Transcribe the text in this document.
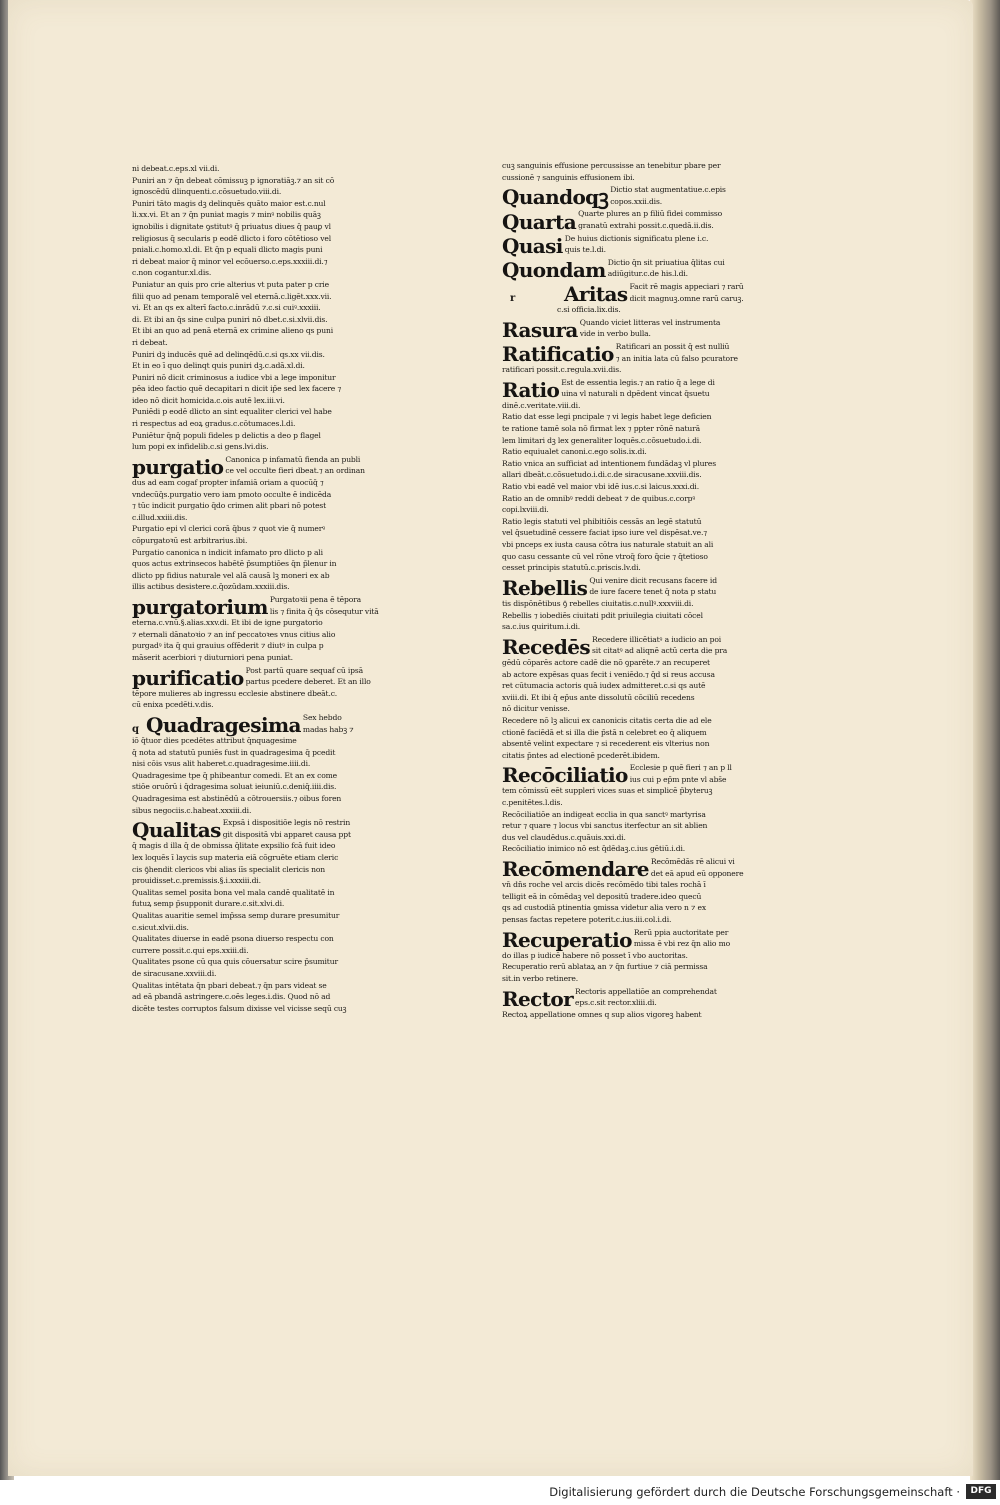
ni debeat.c.eps.xl vii.di.
Puniri an ⁊ q̄n debeat cōmissuꝫ p ignoratiāꝫ.⁊ an sit cō
ignoscēdū dlinquenti.c.cōsuetudo.viii.di.
Puniri tāto magis dꝫ delinquēs quāto maior est.c.nul
li.xx.vi. Et an ⁊ q̄n puniat magis ⁊ minꝰ nobilis quāꝫ
ignobilis i dignitate ꝯstitutꝰ q̄ priuatus diues q̄ pauꝑ vl
religiosus q̄ secularis p eodē dlicto i foro cōtētioso vel
pniali.c.homo.xl.di. Et q̄n p equali dlicto magis puni
ri debeat maior q̄ minor vel ecōuerso.c.eps.xxxiii.di.⁊
c.non cogantur.xl.dis.
Puniatur an quis pro crie alterius vt puta pater p crie
filii quo ad penam temporalē vel eternā.c.ligēt.xxx.vii.
vi. Et an qs ex alterī facto.c.inrādū ⁊.c.si cuiꝰ.xxxiii.
di. Et ibi an q̄s sine culpa puniri nō dbet.c.si.xlvii.dis.
Et ibi an quo ad penā eternā ex crimine alieno qs puni
ri debeat.
Puniri dꝫ inducēs quē ad delinqēdū.c.si qs.xx vii.dis.
Et in eo ī quo delinqt quis puniri dꝫ.c.adā.xl.di.
Puniri nō dicit criminosus a iudice vbi a lege imponitur
pēa ideo factio quē decapitari n dicit ip̄e sed lex facere ⁊
ideo nō dicit homicida.c.ois autē lex.iii.vi.
Puniēdi p eodē dlicto an sint equaliter clerici vel habe
ri respectus ad eoꝝ gradus.c.cōtumaces.l.di.
Puniētur q̄nq̄ populi fideles p delictis a deo p flagel
lum popi ex infidelib.c.si gens.lvi.dis.
purgatio Canonica p infamatū fienda an publi
ce vel occulte fieri dbeat.⁊ an ordinan
dus ad eam cogaf propter infamiā oriam a quocūq̄ ⁊
vndecūq̄s.purgatio vero iam pmoto occulte ē indicēda
⁊ tūc indicit purgatio q̄do crimen alit pbari nō potest
c.illud.xxiii.dis.
Purgatio epi vl clerici corā q̄bus ⁊ quot vie q̄ numerꝰ
cōpurgatoꝛū est arbitrarius.ibi.
Purgatio canonica n indicit infamato pro dlicto p ali
quos actus extrinsecos habētē p̄sumptiōes q̄n p̄lenur in
dlicto pp fidius naturale vel alā causā lꝫ moneri ex ab
illis actibus desistere.c.q̄ozūdam.xxxiii.dis.
purgatorium Purgatoꝛii pena ē tēpora
lis ⁊ finita q̄ q̄s cōsequtur vitā
eterna.c.vnū.§.alias.xxv.di. Et ibi de igne purgatorio
⁊ eternali dānatoꝛio ⁊ an inf peccatoꝛes vnus citius alio
purgadꝰ ita q̄ qui grauius offēderit ⁊ diutꝰ in culpa p
māserit acerbiori ⁊ diuturniori pena puniat.
purificatio Post partū quare sequaf cū ipsā
partus pcedere deberet. Et an illo
tēpore mulieres ab ingressu ecclesie abstinere dbeāt.c.
cū enixa pcedēti.v.dis.
q Quadragesima Sex hebdo
madas habꝫ ⁊
iō q̄tuor dies pcedētes attribut q̄nquagesime
q̄ nota ad statutū puniēs fust in quadragesima q̄ pcedit
nisi cōis vsus alit haberet.c.quadragesime.iiii.di.
Quadragesime tpe q̄ phibeantur comedi. Et an ex come
stiōe oruōrū i q̄dragesima soluat ieiuniū.c.deniq̄.iiii.dis.
Quadragesima est abstinēdū a cōtrouersiis.⁊ oibus foren
sibus negociis.c.habeat.xxxiii.di.
Qualitas Expsā i dispositiōe legis nō restrin
git dispositā vbi apparet causa ppt
q̄ magis d illa q̄ de obmissa q̄litate expsilio fcā fuit ideo
lex loquēs ī laycis sup materia eiā cōgruēte etiam cleric
cis ꝯ̄hendit clericos vbi alias iīs specialit clericis non
prouidisset.c.premissis.§.i.xxxiii.di.
Qualitas semel posita bona vel mala candē qualitatē in
futuꝝ semp p̄supponit durare.c.sit.xlvi.di.
Qualitas auaritie semel imp̄ssa semp durare presumitur
c.sicut.xlvii.dis.
Qualitates diuerse in eadē psona diuerso respectu con
currere possit.c.qui eps.xxiii.di.
Qualitates psone cū qua quis cōuersatur scire p̄sumitur
de siracusane.xxviii.di.
Qualitas intētata q̄n pbari debeat.⁊ q̄n pars videat se
ad eā pbandā astringere.c.oēs leges.i.dis. Quod nō ad
dicēte testes corruptos falsum dixisse vel vicisse seqū cuꝫ
cuꝫ sanguinis effusione percussisse an tenebitur pbare per
cussionē ⁊ sanguinis effusionem ibi.
Quandoqꝫ Dictio stat augmentatiue.c.epis
copos.xxii.dis.
Quarta Quarte plures an p filiū fidei commisso
granatū extrahi possit.c.quedā.ii.dis.
Quasi De huius dictionis significatu plene i.c.
quis te.l.di.
Quondam Dictio q̄n sit priuatiua q̄litas cui
adiūgitur.c.de his.l.di.
r	Aritas Facit rē magis appeciari ⁊ rarū
dicit magnuꝫ.omne rarū caruꝫ.
c.si officia.lix.dis.
Rasura Quando viciet litteras vel instrumenta
vide in verbo bulla.
Ratificatio Ratificari an possit q̄ est nulliū
⁊ an initia lata cū falso pcuratore
ratificari possit.c.regula.xvii.dis.
Ratio Est de essentia legis.⁊ an ratio q̄ a lege di
uina vl naturali n dpēdent vincat q̄suetu
dinē.c.veritate.viii.di.
Ratio dat esse legi pncipale ⁊ vi legis habet lege deficien
te ratione tamē sola nō firmat lex ⁊ ppter rōnē naturā
lem limitari dꝫ lex generaliter loquēs.c.cōsuetudo.i.di.
Ratio equiualet canoni.c.ego solis.ix.di.
Ratio vnica an sufficiat ad intentionem fundādaꝫ vl plures
allari dbeāt.c.cōsuetudo.i.di.c.de siracusane.xxviii.dis.
Ratio vbi eadē vel maior vbi idē ius.c.si laicus.xxxi.di.
Ratio an de omnibꝰ reddi debeat ⁊ de quibus.c.corpꝰ
copi.lxviii.di.
Ratio legis statuti vel phibitiōis cessās an legē statutū
vel q̄suetudinē cessere faciat ipso iure vel dispēsat.ve.⁊
vbi pnceps ex iusta causa cōtra ius naturale statuit an ali
quo casu cessante cū vel rōne vtroq̄ foro q̄cie ⁊ q̄tetioso
cesset principis statutū.c.priscis.lv.di.
Rebellis Qui venire dicit recusans facere id
de iure facere tenet q̄ nota p statu
tis dispōnētibus ꝯ̄ rebelles ciuitatis.c.nullꝰ.xxxviii.di.
Rebellis ⁊ iobediēs ciuitati pdit priuilegia ciuitati cōcel
sa.c.ius quiritum.i.di.
Recedēs Recedere illicētiatꝰ a iudicio an poi
sit citatꝰ ad aliqnē actū certa die pra
gēdū cōparēs actore cadē die nō ꝯparēte.⁊ an recuperet
ab actore expēsas quas fecit i veniēdo.⁊ q̄d si reus accusa
ret cūtumacia actoris quā iudex admitteret.c.si qs autē
xviii.di. Et ibi q̄ ep̄us ante dissolutū cōciliū recedens
nō dicitur venisse.
Recedere nō lꝫ alicui ex canonicis citatis certa die ad ele
ctionē faciēdā et si illa die p̄stā n celebret eo q̄ aliquem
absentē velint expectare ⁊ si recederent eis vlterius non
citatis p̄ntes ad electionē pcederēt.ibidem.
Recōciliatio Ecclesie p quē fieri ⁊ an p ll
ius cui p ep̄m pnte vl abs̄e
tem cōmissū eēt suppleri vices suas et simplicē p̄byteruꝫ
c.penitētes.l.dis.
Recōciliatiōe an indigeat ecclia in qua sanctꝰ martyrisa
retur ⁊ quare ⁊ locus vbi sanctus iterfectur an sit ablien
dus vel claudēdus.c.quāuis.xxi.di.
Recōciliatio inimico nō est q̄dēdaꝫ.c.ius gētiū.i.di.
Recōmendare Recōmēdās rē alicui vi
det eā apud eū opponere
vn̄ dn̄s roche vel arcis dicēs recōmēdo tibi tales rochā ī
telligit eā in cōmēdaꝫ vel depositū tradere.ideo quecū
qs ad custodiā ptinentia ꝯmissa videtur alia vero n ⁊ ex
pensas factas repetere poterit.c.ius.iii.col.i.di.
Recuperatio Rerū ppia auctoritate per
missa ē vbi rez q̄n alio mo
do illas p iudicē habere nō posset ī vbo auctoritas.
Recuperatio rerū ablataꝝ an ⁊ q̄n furtiue ⁊ ciā permissa
sit.in verbo retinere.
Rector Rectoris appellatiōe an comprehendat
eps.c.sit rector.xliii.di.
Rectoꝝ appellatione omnes q sup alios vigoreꝫ habent
Digitalisierung gefördert durch die Deutsche Forschungsgemeinschaft ·	DFG
